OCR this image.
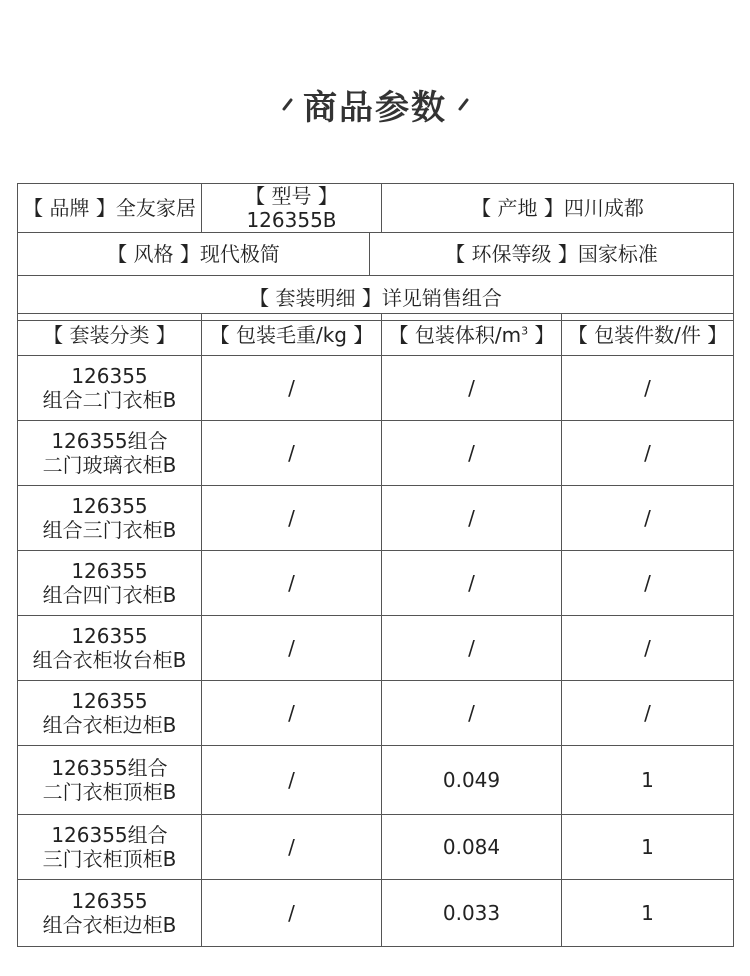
商品参数
【 品牌 】全友家居	【 型号 】126355B		【 产地 】四川成都
【 风格 】现代极简		【 环保等级 】国家标准	
【 套装明细 】详见销售组合			
【 套装分类 】	【 包装毛重/kg 】	【 包装体积$/m^3$ 】	【 包装件数/件 】

126355
组合二门衣柜B	/	/	/

126355组合
二门玻璃衣柜B	/	/	/

126355
组合三门衣柜B	/	/	/

126355
组合四门衣柜B	/	/	/

126355
组合衣柜妆台柜B	/	/	/

126355
组合衣柜边柜B	/	/	/

126355组合
二门衣柜顶柜B	/	0.049	1

126355组合
三门衣柜顶柜B	/	0.084	1

126355
组合衣柜边柜B	/	0.033	1
